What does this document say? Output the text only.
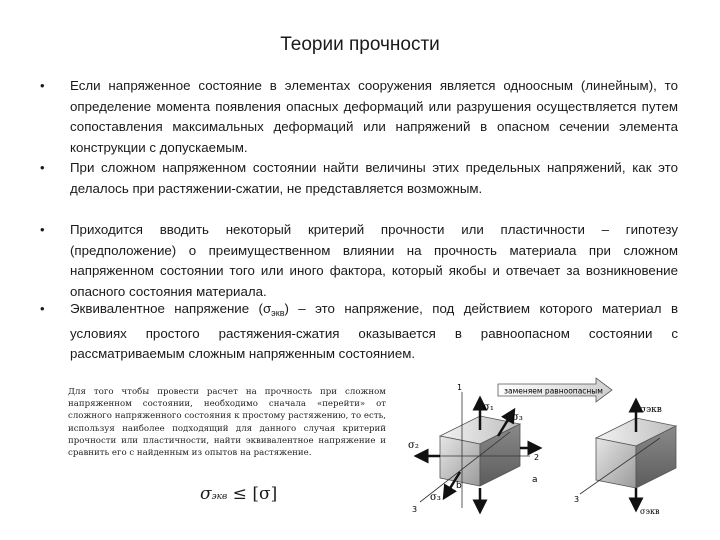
Теории прочности
• Если напряженное состояние в элементах сооружения является одноосным (линейным), то определение момента появления опасных деформаций или разрушения осуществляется путем сопоставления максимальных деформаций или напряжений в опасном сечении элемента конструкции с допускаемым.
• При сложном напряженном состоянии найти величины этих предельных напряжений, как это делалось при растяжении-сжатии, не представляется возможным.
• Приходится вводить некоторый критерий прочности или пластичности – гипотезу (предположение) о преимущественном влиянии на прочность материала при сложном напряженном состоянии того или иного фактора, который якобы и отвечает за возникновение опасного состояния материала.
• Эквивалентное напряжение $(\sigma_{экв})$ – это напряжение, под действием которого материал в условиях простого растяжения-сжатия оказывается в равноопасном состоянии с рассматриваемым сложным напряженным состоянием.
Для того чтобы провести расчет на прочность при сложном напряженном состоянии, необходимо сначала «перейти» от сложного напряженного состояния к простому растяжению, то есть, используя наиболее подходящий для данного случая критерий прочности или пластичности, найти эквивалентное напряжение и сравнить его с найденным из опытов на растяжение.
σэкв ≤ [σ]
σ₁
σ₃
σ₂
σ₃
1
2
3
a
b
заменяем равноопасным
σэкв
σэкв
3
